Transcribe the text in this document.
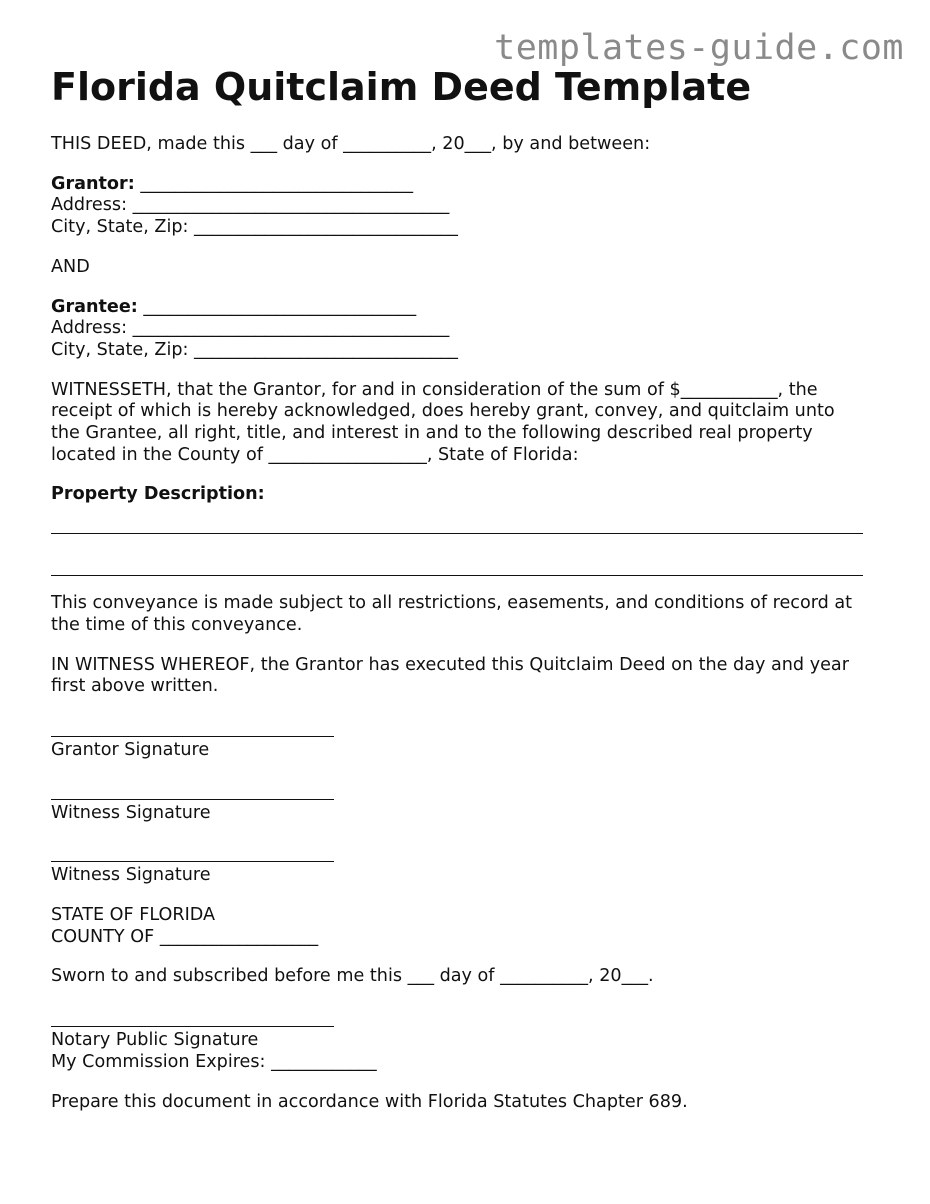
templates-guide.com
Florida Quitclaim Deed Template

THIS DEED, made this ___ day of __________, 20___, by and between:

Grantor: _______________________________

Address: ____________________________________

City, State, Zip: ______________________________

AND

Grantee: _______________________________

Address: ____________________________________

City, State, Zip: ______________________________

WITNESSETH, that the Grantor, for and in consideration of the sum of $___________, the

receipt of which is hereby acknowledged, does hereby grant, convey, and quitclaim unto

the Grantee, all right, title, and interest in and to the following described real property

located in the County of __________________, State of Florida:

Property Description:

This conveyance is made subject to all restrictions, easements, and conditions of record at

the time of this conveyance.

IN WITNESS WHEREOF, the Grantor has executed this Quitclaim Deed on the day and year

first above written.

Grantor Signature

Witness Signature

Witness Signature

STATE OF FLORIDA

COUNTY OF __________________

Sworn to and subscribed before me this ___ day of __________, 20___.

Notary Public Signature

My Commission Expires: ____________

Prepare this document in accordance with Florida Statutes Chapter 689.
